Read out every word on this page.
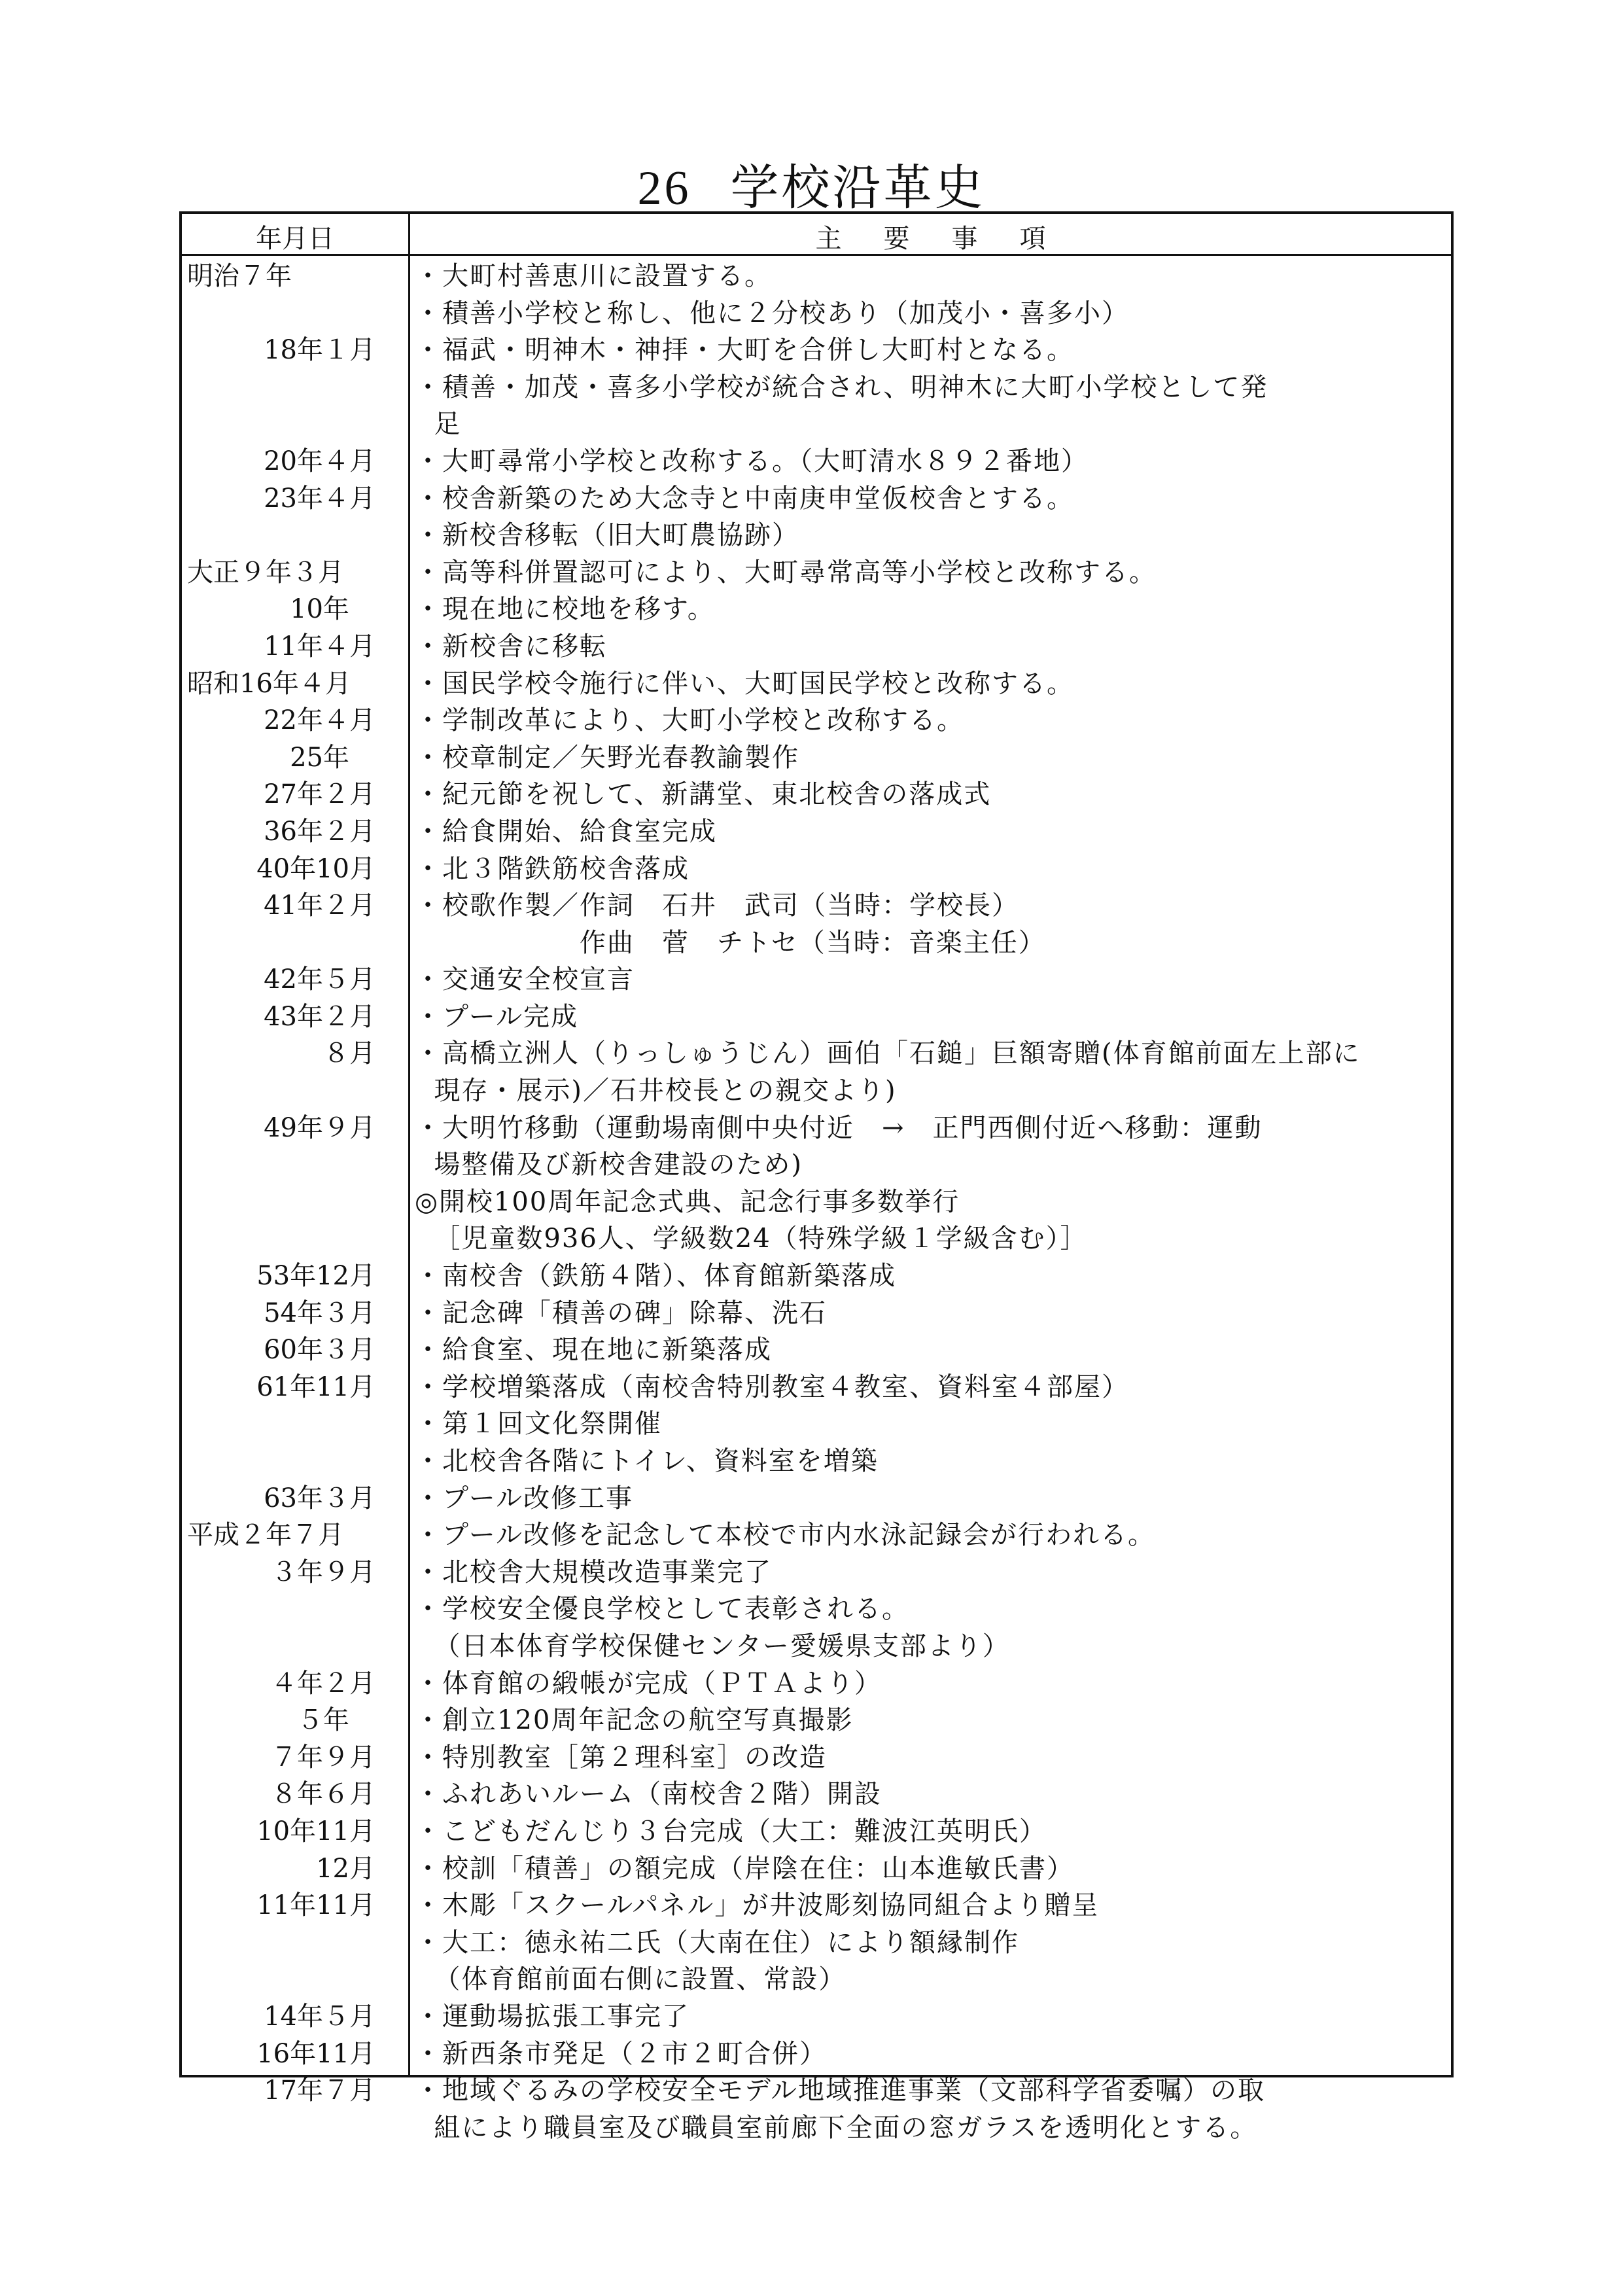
26 学校沿革史
年月日	主要事項
明治７年	・大町村善恵川に設置する。
・積善小学校と称し、他に２分校あり（加茂小・喜多小）
18年１月	・福武・明神木・神拝・大町を合併し大町村となる。
・積善・加茂・喜多小学校が統合され、明神木に大町小学校として発
足
20年４月	・大町尋常小学校と改称する。（大町清水８９２番地）
23年４月	・校舎新築のため大念寺と中南庚申堂仮校舎とする。
・新校舎移転（旧大町農協跡）
大正９年３月	・高等科併置認可により、大町尋常高等小学校と改称する。
10年　	・現在地に校地を移す。
11年４月	・新校舎に移転
昭和16年４月	・国民学校令施行に伴い、大町国民学校と改称する。
22年４月	・学制改革により、大町小学校と改称する。
25年　	・校章制定／矢野光春教諭製作
27年２月	・紀元節を祝して、新講堂、東北校舎の落成式
36年２月	・給食開始、給食室完成
40年10月	・北３階鉄筋校舎落成
41年２月	・校歌作製／作詞　石井　武司（当時：学校長）
　　　　　　作曲　菅　チトセ（当時：音楽主任）
42年５月	・交通安全校宣言
43年２月	・プール完成
８月	・高橋立洲人（りっしゅうじん）画伯「石鎚」巨額寄贈(体育館前面左上部に
現存・展示)／石井校長との親交より)
49年９月	・大明竹移動（運動場南側中央付近　→　正門西側付近へ移動：運動
場整備及び新校舎建設のため)
◎開校100周年記念式典、記念行事多数挙行
［児童数936人、学級数24（特殊学級１学級含む）］
53年12月	・南校舎（鉄筋４階）、体育館新築落成
54年３月	・記念碑「積善の碑」除幕、洗石
60年３月	・給食室、現在地に新築落成
61年11月	・学校増築落成（南校舎特別教室４教室、資料室４部屋）
・第１回文化祭開催
・北校舎各階にトイレ、資料室を増築
63年３月	・プール改修工事
平成２年７月	・プール改修を記念して本校で市内水泳記録会が行われる。
３年９月	・北校舎大規模改造事業完了
・学校安全優良学校として表彰される。
（日本体育学校保健センター愛媛県支部より）
４年２月	・体育館の緞帳が完成（ＰＴＡより）
５年　	・創立120周年記念の航空写真撮影
７年９月	・特別教室［第２理科室］の改造
８年６月	・ふれあいルーム（南校舎２階）開設
10年11月	・こどもだんじり３台完成（大工：難波江英明氏）
12月	・校訓「積善」の額完成（岸陰在住：山本進敏氏書）
11年11月	・木彫「スクールパネル」が井波彫刻協同組合より贈呈
・大工：徳永祐二氏（大南在住）により額縁制作
（体育館前面右側に設置、常設）
14年５月	・運動場拡張工事完了
16年11月	・新西条市発足（２市２町合併）
17年７月	・地域ぐるみの学校安全モデル地域推進事業（文部科学省委嘱）の取
組により職員室及び職員室前廊下全面の窓ガラスを透明化とする。
